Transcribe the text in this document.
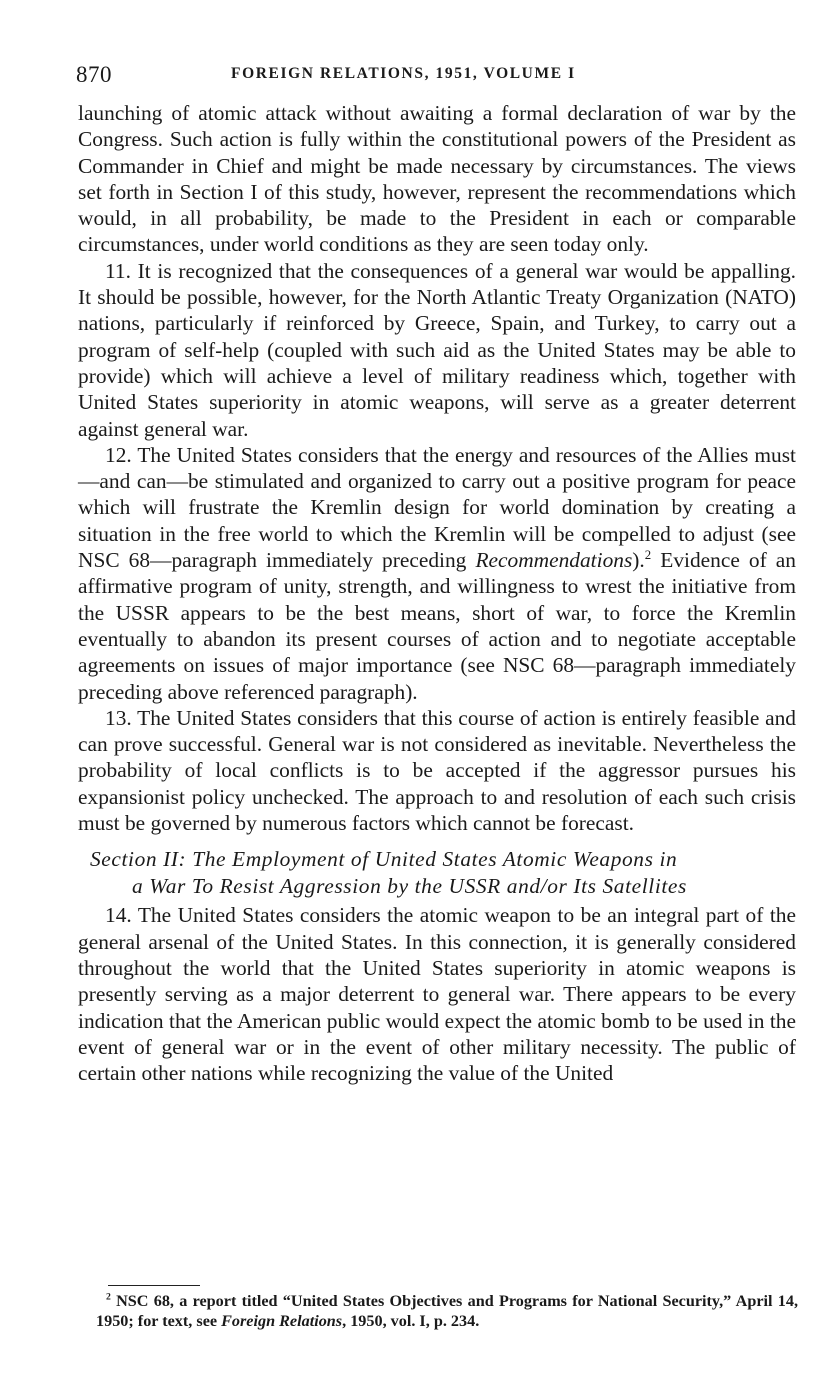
870	FOREIGN RELATIONS, 1951, VOLUME I

launching of atomic attack without awaiting a formal declaration of war by the Congress. Such action is fully within the constitutional powers of the President as Commander in Chief and might be made necessary by circumstances. The views set forth in Section I of this study, however, represent the recommendations which would, in all probability, be made to the President in each or comparable circumstances, under world conditions as they are seen today only.

11. It is recognized that the consequences of a general war would be appalling. It should be possible, however, for the North Atlantic Treaty Organization (NATO) nations, particularly if reinforced by Greece, Spain, and Turkey, to carry out a program of self-help (coupled with such aid as the United States may be able to provide) which will achieve a level of military readiness which, together with United States superiority in atomic weapons, will serve as a greater deterrent against general war.

12. The United States considers that the energy and resources of the Allies must—and can—be stimulated and organized to carry out a positive program for peace which will frustrate the Kremlin design for world domination by creating a situation in the free world to which the Kremlin will be compelled to adjust (see NSC 68—paragraph immediately preceding Recommendations).$^2$ Evidence of an affirmative program of unity, strength, and willingness to wrest the initiative from the USSR appears to be the best means, short of war, to force the Kremlin eventually to abandon its present courses of action and to negotiate acceptable agreements on issues of major importance (see NSC 68—paragraph immediately preceding above referenced paragraph).

13. The United States considers that this course of action is entirely feasible and can prove successful. General war is not considered as inevitable. Nevertheless the probability of local conflicts is to be accepted if the aggressor pursues his expansionist policy unchecked. The approach to and resolution of each such crisis must be governed by numerous factors which cannot be forecast.

Section II: The Employment of United States Atomic Weapons in
a War To Resist Aggression by the USSR and/or Its Satellites

14. The United States considers the atomic weapon to be an integral part of the general arsenal of the United States. In this connection, it is generally considered throughout the world that the United States superiority in atomic weapons is presently serving as a major deterrent to general war. There appears to be every indication that the American public would expect the atomic bomb to be used in the event of general war or in the event of other military necessity. The public of certain other nations while recognizing the value of the United

$^2$ NSC 68, a report titled “United States Objectives and Programs for National Security,” April 14, 1950; for text, see Foreign Relations, 1950, vol. I, p. 234.
